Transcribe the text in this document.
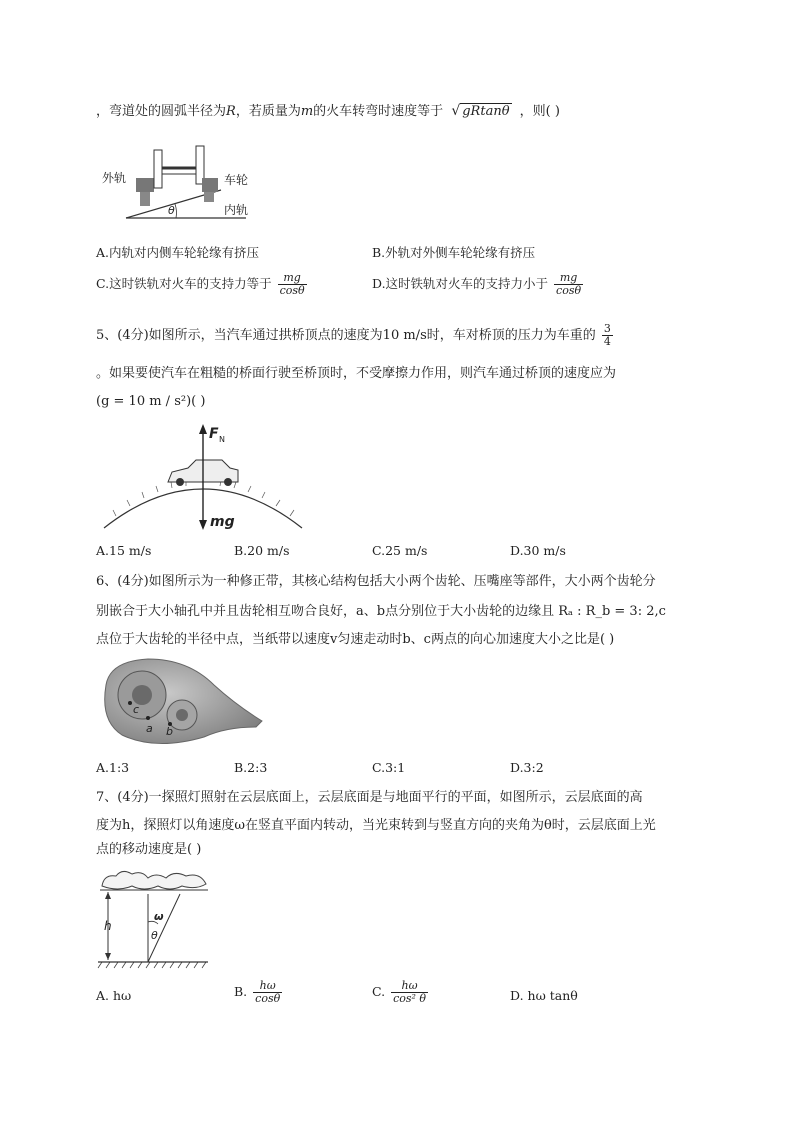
，弯道处的圆弧半径为R，若质量为m的火车转弯时速度等于 √ gRtanθ ，则( )
外轨	车轮
内轨
θ
A.内轨对内侧车轮轮缘有挤压	B.外轨对外侧车轮轮缘有挤压
C.这时铁轨对火车的支持力等于 $\frac{mg}{\cos\theta}$	D.这时铁轨对火车的支持力小于 $\frac{mg}{\cos\theta}$
5、(4分)如图所示，当汽车通过拱桥顶点的速度为10 m/s时，车对桥顶的压力为车重的 $\frac{3}{4}$
。如果要使汽车在粗糙的桥面行驶至桥顶时，不受摩擦力作用，则汽车通过桥顶的速度应为
(g = 10 m / s²)( )
F N
mg
A.15 m/s	B.20 m/s	C.25 m/s	D.30 m/s
6、(4分)如图所示为一种修正带，其核心结构包括大小两个齿轮、压嘴座等部件，大小两个齿轮分
别嵌合于大小轴孔中并且齿轮相互吻合良好，a、b点分别位于大小齿轮的边缘且 Rₐ : R_b = 3: 2,c
点位于大齿轮的半径中点，当纸带以速度v匀速走动时b、c两点的向心加速度大小之比是( )
c
a b
A.1:3	B.2:3	C.3:1	D.3:2
7、(4分)一探照灯照射在云层底面上，云层底面是与地面平行的平面，如图所示，云层底面的高
度为h，探照灯以角速度ω在竖直平面内转动，当光束转到与竖直方向的夹角为θ时，云层底面上光
点的移动速度是( )
h
ω
θ
A. hω	B. $\frac{h\omega}{\cos\theta}$	C. $\frac{h\omega}{\text{cos² θ}}$	D. hω tanθ
